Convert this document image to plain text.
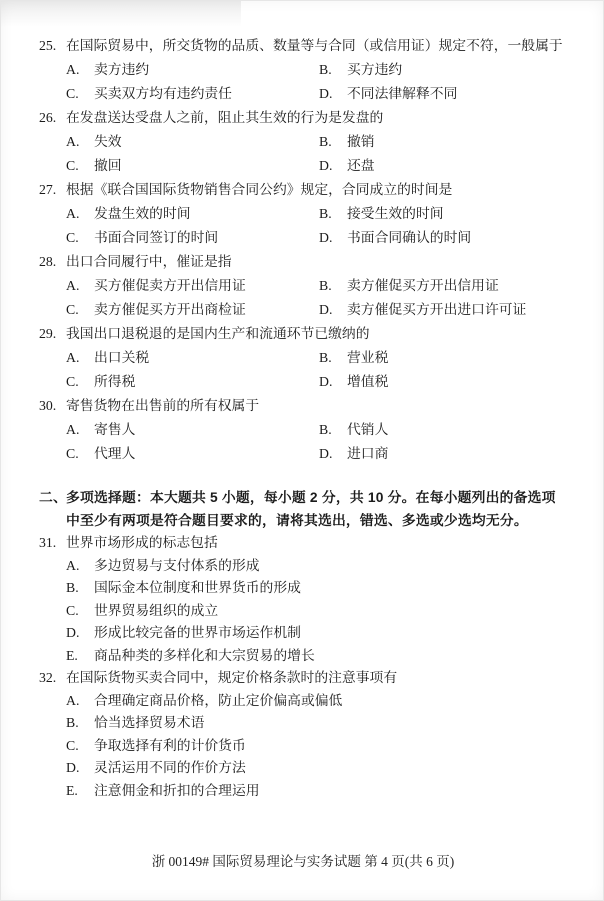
25. 在国际贸易中，所交货物的品质、数量等与合同（或信用证）规定不符，一般属于
A.	卖方违约	B.	买方违约
C.	买卖双方均有违约责任	D.	不同法律解释不同
26. 在发盘送达受盘人之前，阻止其生效的行为是发盘的
A.	失效	B.	撤销
C.	撤回	D.	还盘
27. 根据《联合国国际货物销售合同公约》规定，合同成立的时间是
A.	发盘生效的时间	B.	接受生效的时间
C.	书面合同签订的时间	D.	书面合同确认的时间
28. 出口合同履行中，催证是指
A.	买方催促卖方开出信用证	B.	卖方催促买方开出信用证
C.	卖方催促买方开出商检证	D.	卖方催促买方开出进口许可证
29. 我国出口退税退的是国内生产和流通环节已缴纳的
A.	出口关税	B.	营业税
C.	所得税	D.	增值税
30. 寄售货物在出售前的所有权属于
A.	寄售人	B.	代销人
C.	代理人	D.	进口商
二、 多项选择题：本大题共 5 小题，每小题 2 分，共 10 分。在每小题列出的备选项中至少有两项是符合题目要求的，请将其选出，错选、多选或少选均无分。
31. 世界市场形成的标志包括
A.	多边贸易与支付体系的形成
B.	国际金本位制度和世界货币的形成
C.	世界贸易组织的成立
D.	形成比较完备的世界市场运作机制
E.	商品种类的多样化和大宗贸易的增长
32. 在国际货物买卖合同中，规定价格条款时的注意事项有
A.	合理确定商品价格，防止定价偏高或偏低
B.	恰当选择贸易术语
C.	争取选择有利的计价货币
D.	灵活运用不同的作价方法
E.	注意佣金和折扣的合理运用
浙 00149# 国际贸易理论与实务试题 第 4 页(共 6 页)
